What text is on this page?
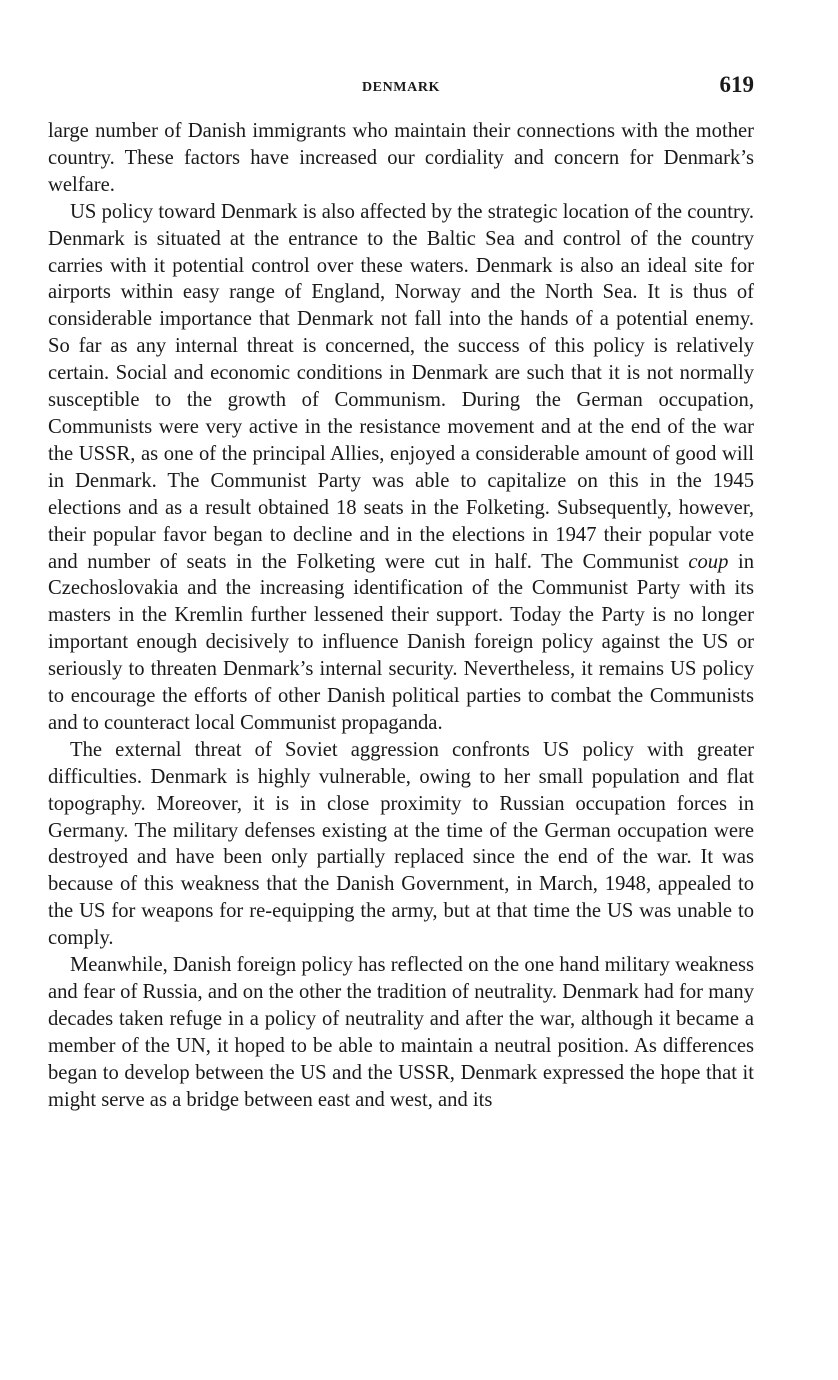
DENMARK	619

large number of Danish immigrants who maintain their connections with the mother country. These factors have increased our cordiality and concern for Denmark’s welfare.

US policy toward Denmark is also affected by the strategic location of the country. Denmark is situated at the entrance to the Baltic Sea and control of the country carries with it potential control over these waters. Denmark is also an ideal site for airports within easy range of England, Norway and the North Sea. It is thus of considerable importance that Denmark not fall into the hands of a potential enemy. So far as any internal threat is concerned, the success of this policy is relatively certain. Social and economic conditions in Denmark are such that it is not normally susceptible to the growth of Communism. During the German occupation, Communists were very active in the resistance movement and at the end of the war the USSR, as one of the principal Allies, enjoyed a considerable amount of good will in Denmark. The Communist Party was able to capitalize on this in the 1945 elections and as a result obtained 18 seats in the Folketing. Subsequently, however, their popular favor began to decline and in the elections in 1947 their popular vote and number of seats in the Folketing were cut in half. The Communist coup in Czechoslovakia and the increasing identification of the Communist Party with its masters in the Kremlin further lessened their support. Today the Party is no longer important enough decisively to influence Danish foreign policy against the US or seriously to threaten Denmark’s internal security. Nevertheless, it remains US policy to encourage the efforts of other Danish political parties to combat the Communists and to counteract local Communist propaganda.

The external threat of Soviet aggression confronts US policy with greater difficulties. Denmark is highly vulnerable, owing to her small population and flat topography. Moreover, it is in close proximity to Russian occupation forces in Germany. The military defenses existing at the time of the German occupation were destroyed and have been only partially replaced since the end of the war. It was because of this weakness that the Danish Government, in March, 1948, appealed to the US for weapons for re-equipping the army, but at that time the US was unable to comply.

Meanwhile, Danish foreign policy has reflected on the one hand military weakness and fear of Russia, and on the other the tradition of neutrality. Denmark had for many decades taken refuge in a policy of neutrality and after the war, although it became a member of the UN, it hoped to be able to maintain a neutral position. As differences began to develop between the US and the USSR, Denmark expressed the hope that it might serve as a bridge between east and west, and its
